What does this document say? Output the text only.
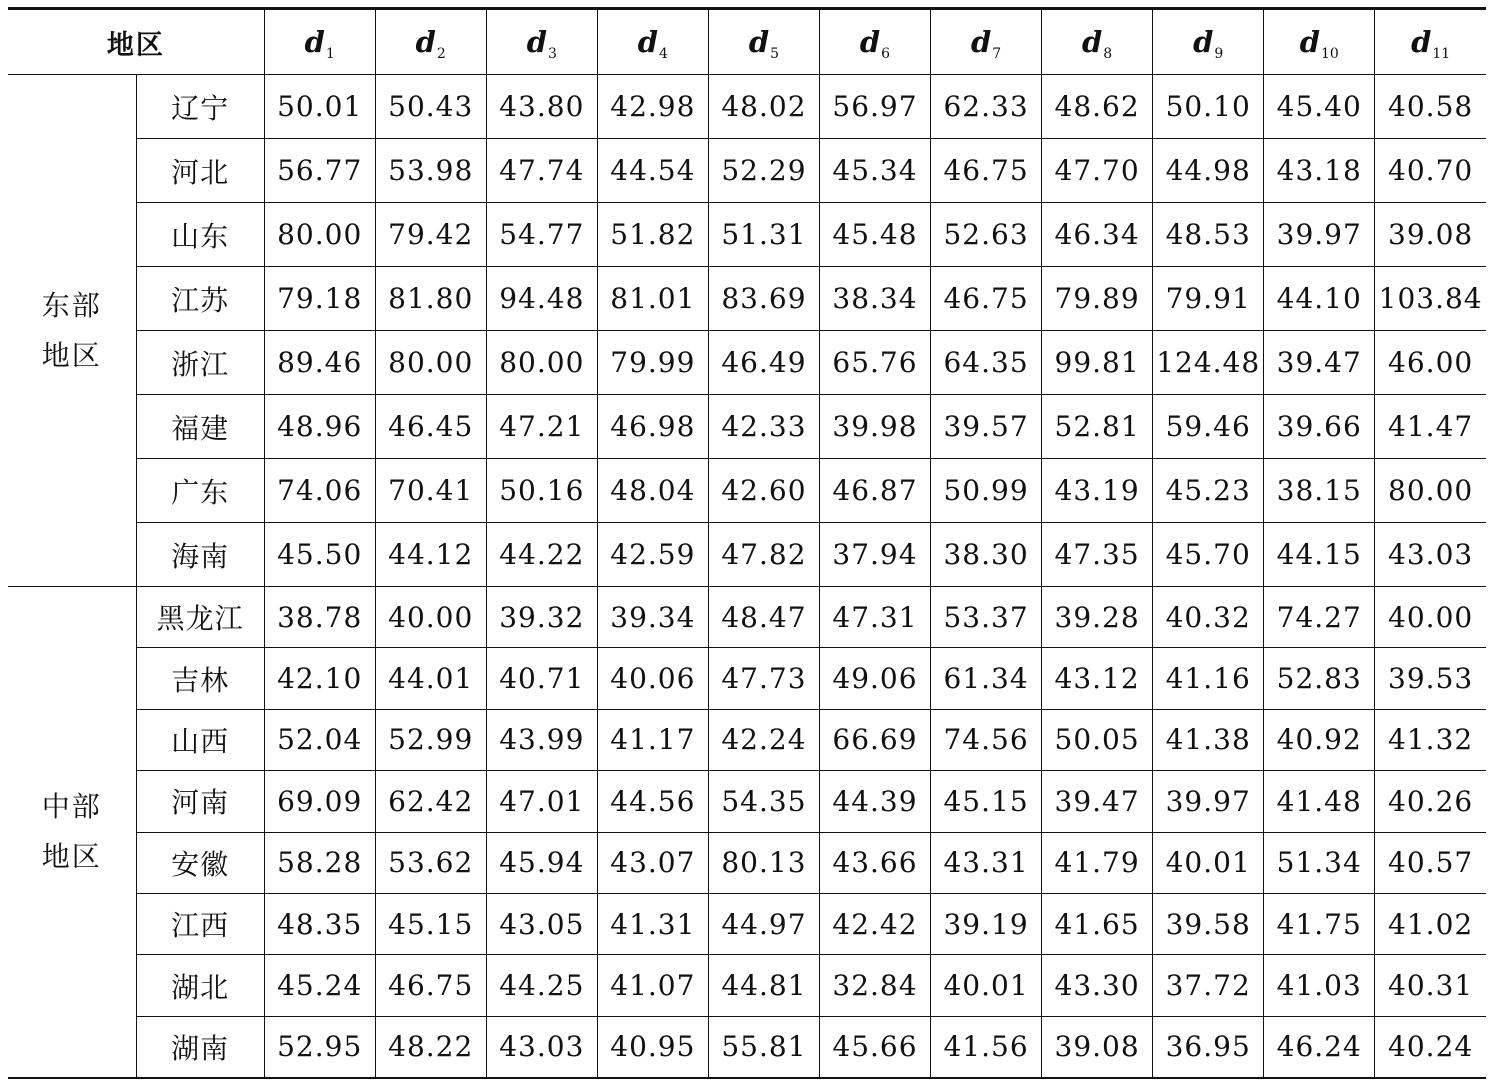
地区		$d_1$	$d_2$	$d_3$	$d_4$	$d_5$	$d_6$	$d_7$	$d_8$	$d_9$	$d_{10}$	$d_{11}$
东部地区	辽宁	50.01	50.43	43.80	42.98	48.02	56.97	62.33	48.62	50.10	45.40	40.58
	河北	56.77	53.98	47.74	44.54	52.29	45.34	46.75	47.70	44.98	43.18	40.70
	山东	80.00	79.42	54.77	51.82	51.31	45.48	52.63	46.34	48.53	39.97	39.08
	江苏	79.18	81.80	94.48	81.01	83.69	38.34	46.75	79.89	79.91	44.10	103.84
	浙江	89.46	80.00	80.00	79.99	46.49	65.76	64.35	99.81	124.48	39.47	46.00
	福建	48.96	46.45	47.21	46.98	42.33	39.98	39.57	52.81	59.46	39.66	41.47
	广东	74.06	70.41	50.16	48.04	42.60	46.87	50.99	43.19	45.23	38.15	80.00
	海南	45.50	44.12	44.22	42.59	47.82	37.94	38.30	47.35	45.70	44.15	43.03
中部地区	黑龙江	38.78	40.00	39.32	39.34	48.47	47.31	53.37	39.28	40.32	74.27	40.00
	吉林	42.10	44.01	40.71	40.06	47.73	49.06	61.34	43.12	41.16	52.83	39.53
	山西	52.04	52.99	43.99	41.17	42.24	66.69	74.56	50.05	41.38	40.92	41.32
	河南	69.09	62.42	47.01	44.56	54.35	44.39	45.15	39.47	39.97	41.48	40.26
	安徽	58.28	53.62	45.94	43.07	80.13	43.66	43.31	41.79	40.01	51.34	40.57
	江西	48.35	45.15	43.05	41.31	44.97	42.42	39.19	41.65	39.58	41.75	41.02
	湖北	45.24	46.75	44.25	41.07	44.81	32.84	40.01	43.30	37.72	41.03	40.31
	湖南	52.95	48.22	43.03	40.95	55.81	45.66	41.56	39.08	36.95	46.24	40.24
